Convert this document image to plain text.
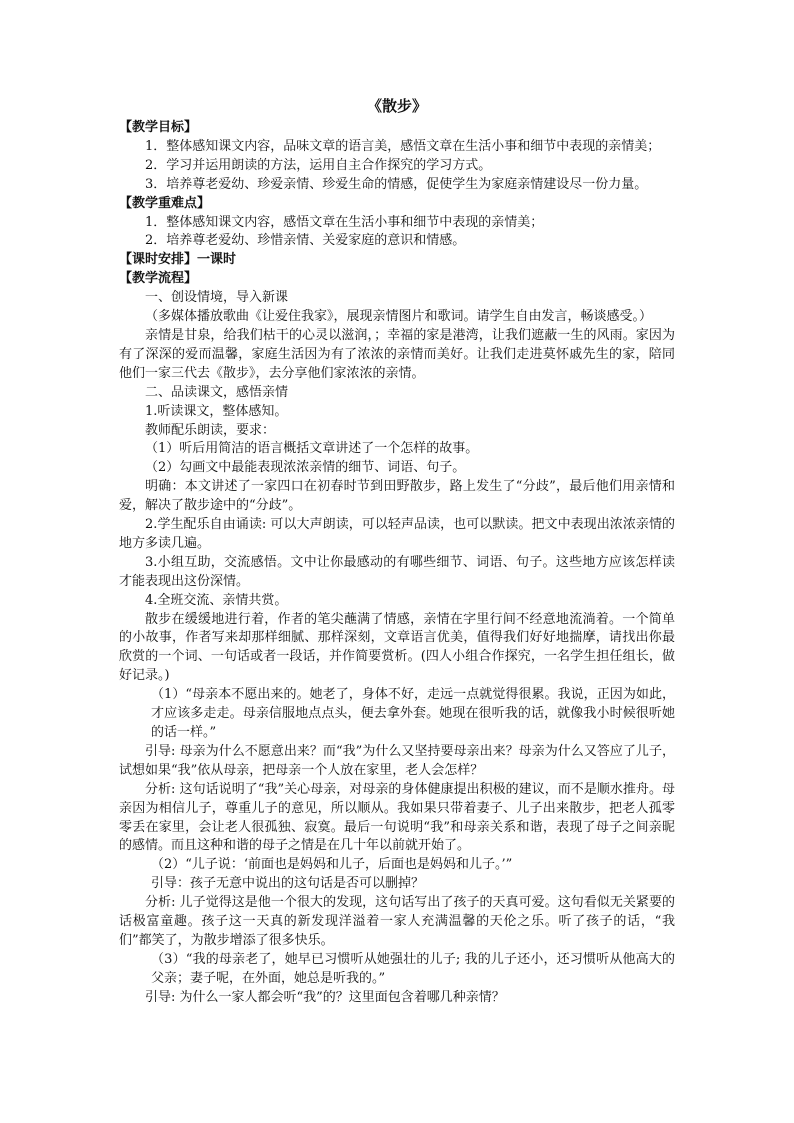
《散步》
【教学目标】
1．整体感知课文内容，品味文章的语言美，感悟文章在生活小事和细节中表现的亲情美；
2．学习并运用朗读的方法，运用自主合作探究的学习方式。
3．培养尊老爱幼、珍爱亲情、珍爱生命的情感，促使学生为家庭亲情建设尽一份力量。
【教学重难点】
1．整体感知课文内容，感悟文章在生活小事和细节中表现的亲情美；
2．培养尊老爱幼、珍惜亲情、关爱家庭的意识和情感。
【课时安排】一课时
【教学流程】
一、创设情境，导入新课
（多媒体播放歌曲《让爱住我家》，展现亲情图片和歌词。请学生自由发言，畅谈感受。）
亲情是甘泉，给我们枯干的心灵以滋润，；幸福的家是港湾，让我们遮蔽一生的风雨。家因为有了深深的爱而温馨，家庭生活因为有了浓浓的亲情而美好。让我们走进莫怀戚先生的家，陪同他们一家三代去《散步》，去分享他们家浓浓的亲情。
二、品读课文，感悟亲情
1.听读课文，整体感知。
教师配乐朗读，要求：
（1）听后用简洁的语言概括文章讲述了一个怎样的故事。
（2）勾画文中最能表现浓浓亲情的细节、词语、句子。
明确：本文讲述了一家四口在初春时节到田野散步，路上发生了“分歧”，最后他们用亲情和爱，解决了散步途中的“分歧”。
2.学生配乐自由诵读: 可以大声朗读，可以轻声品读，也可以默读。把文中表现出浓浓亲情的地方多读几遍。
3.小组互助，交流感悟。文中让你最感动的有哪些细节、词语、句子。这些地方应该怎样读才能表现出这份深情。
4.全班交流、亲情共赏。
散步在缓缓地进行着，作者的笔尖蘸满了情感，亲情在字里行间不经意地流淌着。一个简单的小故事，作者写来却那样细腻、那样深刻，文章语言优美，值得我们好好地揣摩，请找出你最欣赏的一个词、一句话或者一段话，并作简要赏析。(四人小组合作探究，一名学生担任组长，做好记录。)
（1）“母亲本不愿出来的。她老了，身体不好，走远一点就觉得很累。我说，正因为如此，才应该多走走。母亲信服地点点头，便去拿外套。她现在很听我的话，就像我小时候很听她的话一样。”
引导: 母亲为什么不愿意出来？而“我”为什么又坚持要母亲出来？母亲为什么又答应了儿子，试想如果“我”依从母亲，把母亲一个人放在家里，老人会怎样？
分析: 这句话说明了“我”关心母亲，对母亲的身体健康提出积极的建议，而不是顺水推舟。母亲因为相信儿子，尊重儿子的意见，所以顺从。我如果只带着妻子、儿子出来散步，把老人孤零零丢在家里，会让老人很孤独、寂寞。最后一句说明“我”和母亲关系和谐，表现了母子之间亲昵的感情。而且这种和谐的母子之情是在几十年以前就开始了。
（2）“儿子说：‘前面也是妈妈和儿子，后面也是妈妈和儿子。’”
引导：孩子无意中说出的这句话是否可以删掉？
分析: 儿子觉得这是他一个很大的发现，这句话写出了孩子的天真可爱。这句看似无关紧要的话极富童趣。孩子这一天真的新发现洋溢着一家人充满温馨的天伦之乐。听了孩子的话，“我们”都笑了，为散步增添了很多快乐。
（3）“我的母亲老了，她早已习惯听从她强壮的儿子; 我的儿子还小，还习惯听从他高大的父亲；妻子呢，在外面，她总是听我的。”
引导: 为什么一家人都会听“我”的？这里面包含着哪几种亲情？
